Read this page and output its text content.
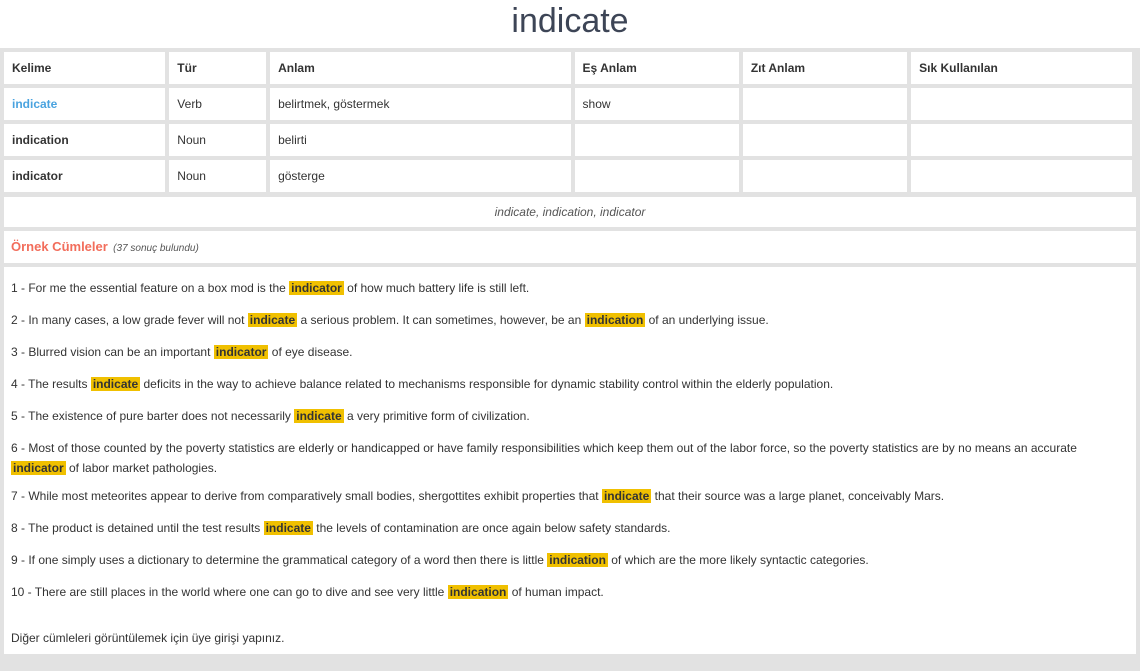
indicate
Kelime	Tür	Anlam	Eş Anlam	Zıt Anlam	Sık Kullanılan
indicate	Verb	belirtmek, göstermek	show		
indication	Noun	belirti			
indicator	Noun	gösterge			
indicate, indication, indicator
Örnek Cümleler (37 sonuç bulundu)
1 - For me the essential feature on a box mod is the indicator of how much battery life is still left.
2 - In many cases, a low grade fever will not indicate a serious problem. It can sometimes, however, be an indication of an underlying issue.
3 - Blurred vision can be an important indicator of eye disease.
4 - The results indicate deficits in the way to achieve balance related to mechanisms responsible for dynamic stability control within the elderly population.
5 - The existence of pure barter does not necessarily indicate a very primitive form of civilization.
6 - Most of those counted by the poverty statistics are elderly or handicapped or have family responsibilities which keep them out of the labor force, so the poverty statistics are by no means an accurate indicator of labor market pathologies.
7 - While most meteorites appear to derive from comparatively small bodies, shergottites exhibit properties that indicate that their source was a large planet, conceivably Mars.
8 - The product is detained until the test results indicate the levels of contamination are once again below safety standards.
9 - If one simply uses a dictionary to determine the grammatical category of a word then there is little indication of which are the more likely syntactic categories.
10 - There are still places in the world where one can go to dive and see very little indication of human impact.
Diğer cümleleri görüntülemek için üye girişi yapınız.
